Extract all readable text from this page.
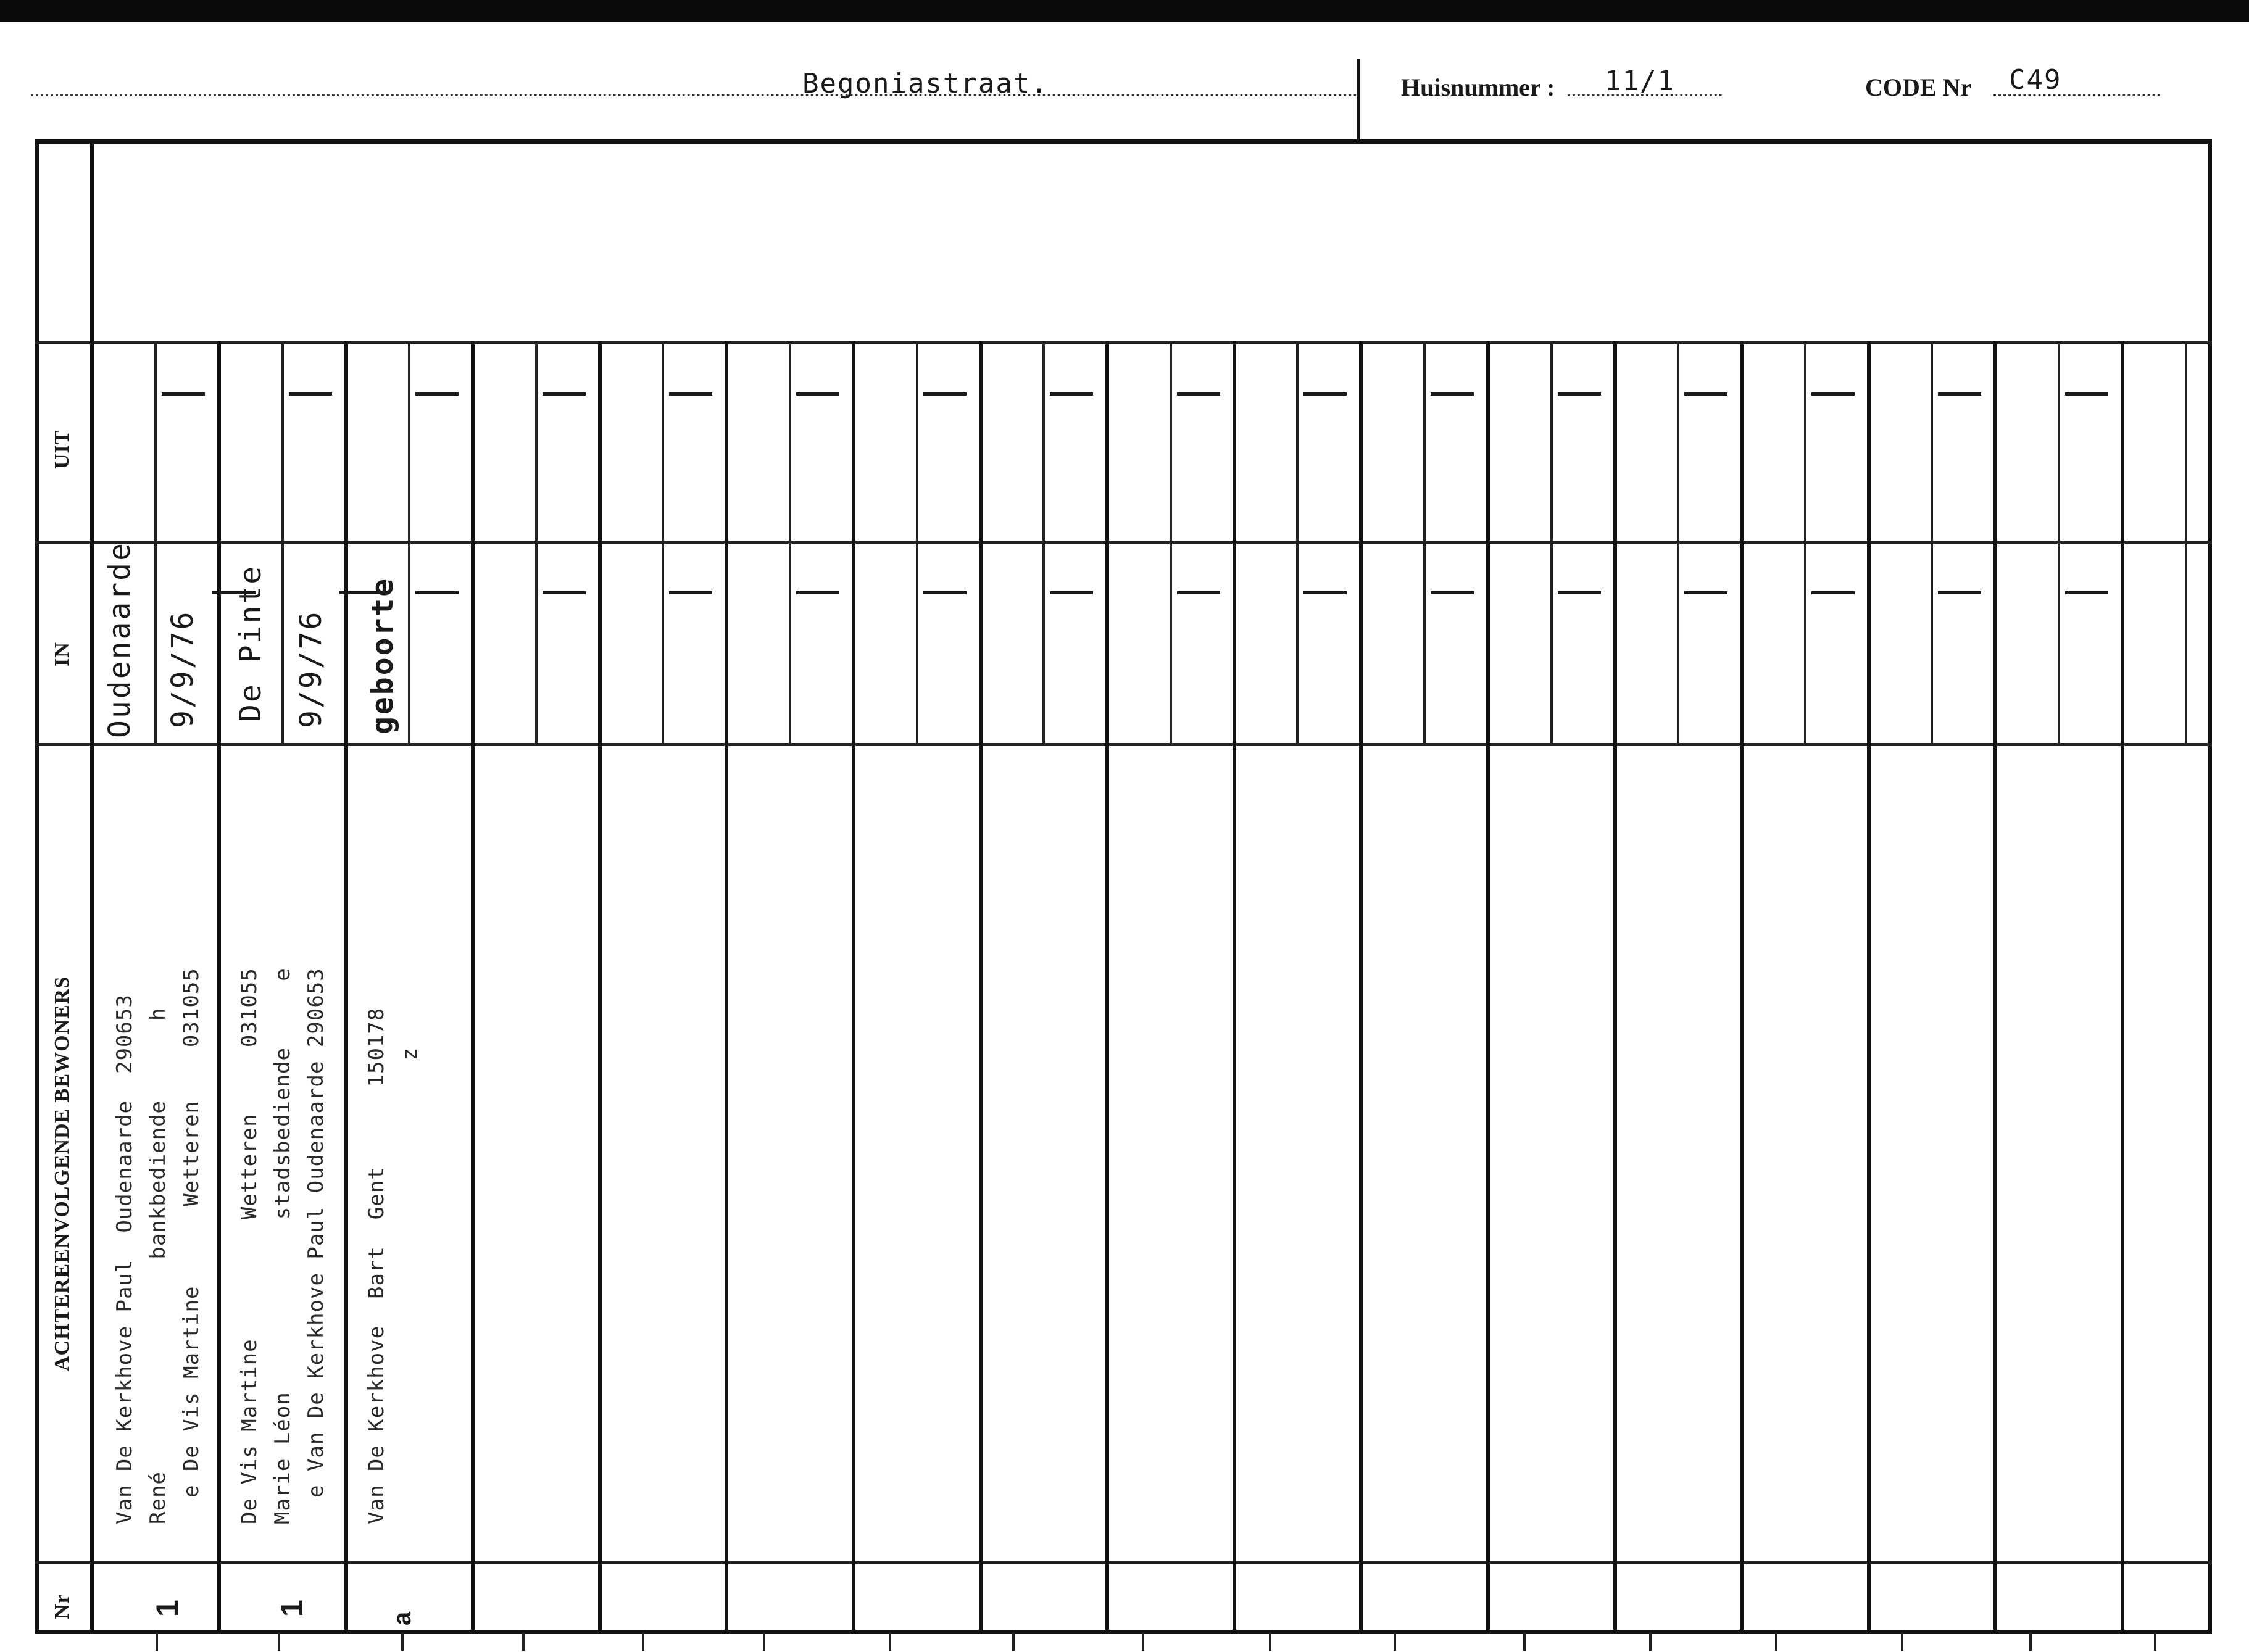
Begoniastraat.	Huisnummer : 11/1	CODE Nr C49
UIT
IN
ACHTEREENVOLGENDE BEWONERS
Nr
Oudenaarde 9/9/76
Van De Kerkhove Paul  Oudenaarde  290653 René                bankbediende      h e De Vis Martine      Wetteren    031055
1
De Pinte 9/9/76
De Vis Martine         Wetteren     031055 Marie Léon             stadsbediende     e e Van De Kerkhove Paul Oudenaarde 290653
1
geboorte
Van De Kerkhove  Bart  Gent      150178 z
a
